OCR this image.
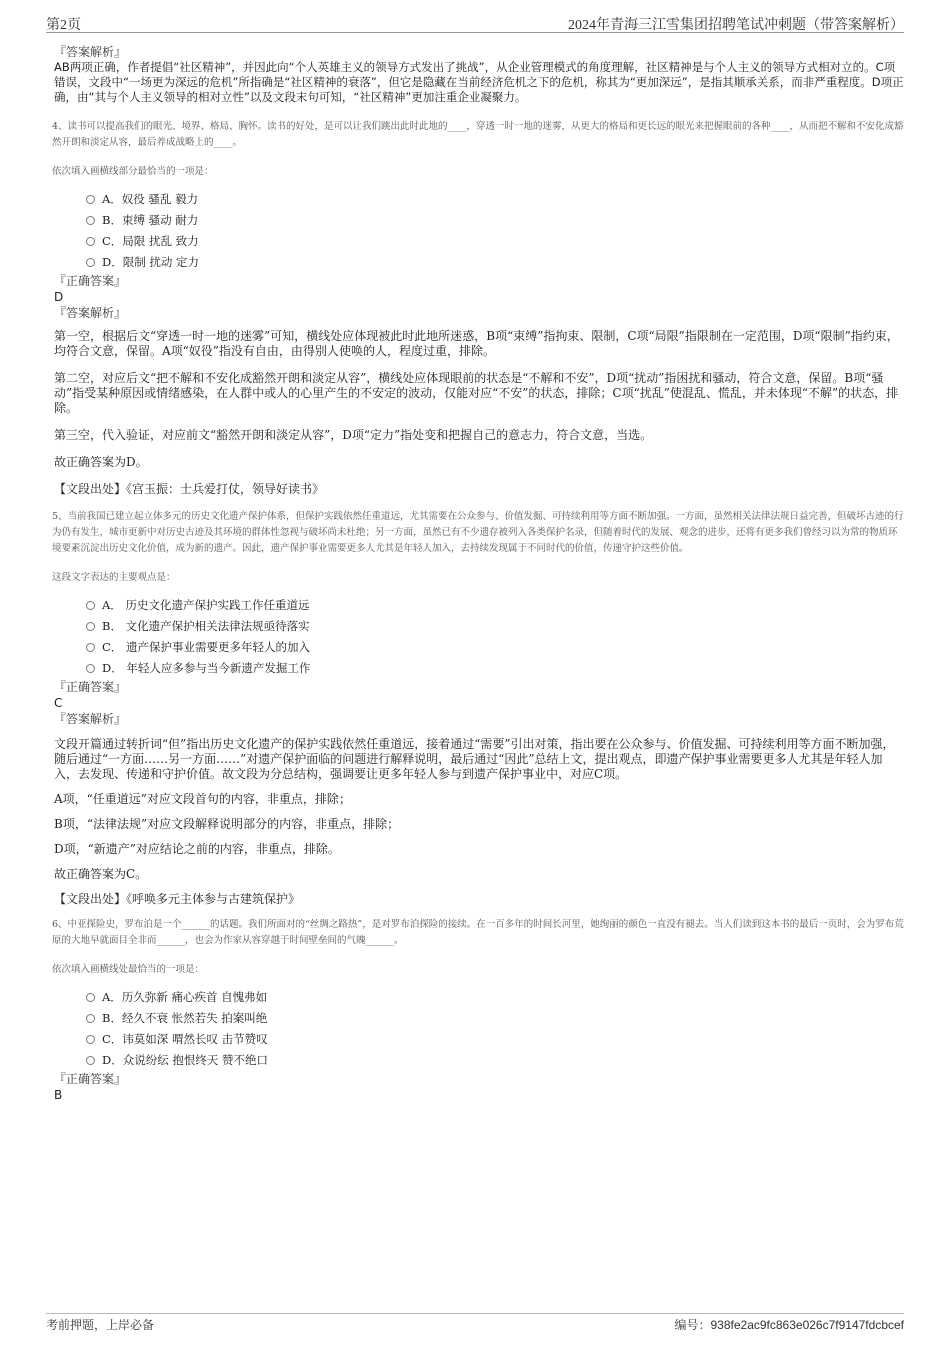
第2页	2024年青海三江雪集团招聘笔试冲刺题（带答案解析）
『答案解析』

AB两项正确，作者提倡“社区精神”，并因此向“个人英雄主义的领导方式发出了挑战”，从企业管理模式的角度理解，社区精神是与个人主义的领导方式相对立的。C项错误，文段中“一场更为深远的危机”所指确是“社区精神的衰落”，但它是隐藏在当前经济危机之下的危机，称其为“更加深远”，是指其顺承关系，而非严重程度。D项正确，由“其与个人主义领导的相对立性”以及文段末句可知，“社区精神”更加注重企业凝聚力。

4、读书可以提高我们的眼光、境界、格局、胸怀。读书的好处，是可以让我们跳出此时此地的____，穿透一时一地的迷雾，从更大的格局和更长远的眼光来把握眼前的各种____，从而把不解和不安化成豁然开朗和淡定从容，最后养成战略上的____。

依次填入画横线部分最恰当的一项是：
A．奴役 骚乱 毅力
B．束缚 骚动 耐力
C．局限 扰乱 致力
D．限制 扰动 定力
『正确答案』
D
『答案解析』

第一空，根据后文“穿透一时一地的迷雾”可知，横线处应体现被此时此地所迷惑，B项“束缚”指拘束、限制，C项“局限”指限制在一定范围，D项“限制”指约束，均符合文意，保留。A项“奴役”指没有自由，由得别人使唤的人，程度过重，排除。

第二空，对应后文“把不解和不安化成豁然开朗和淡定从容”，横线处应体现眼前的状态是“不解和不安”，D项“扰动”指困扰和骚动，符合文意，保留。B项“骚动”指受某种原因或情绪感染，在人群中或人的心里产生的不安定的波动，仅能对应“不安”的状态，排除；C项“扰乱”使混乱、慌乱，并未体现“不解”的状态，排除。

第三空，代入验证，对应前文“豁然开朗和淡定从容”，D项“定力”指处变和把握自己的意志力，符合文意，当选。

故正确答案为D。

【文段出处】《宫玉振：士兵爱打仗，领导好读书》

5、当前我国已建立起立体多元的历史文化遗产保护体系，但保护实践依然任重道远，尤其需要在公众参与、价值发掘、可持续利用等方面不断加强。一方面，虽然相关法律法规日益完善，但破坏古迹的行为仍有发生，城市更新中对历史古迹及其环境的群体性忽视与破坏尚未杜绝；另一方面，虽然已有不少遗存被列入各类保护名录，但随着时代的发展、观念的进步，还将有更多我们曾经习以为常的物质环境要素沉淀出历史文化价值，成为新的遗产。因此，遗产保护事业需要更多人尤其是年轻人加入，去持续发现属于不同时代的价值，传递守护这些价值。

这段文字表达的主要观点是：
A． 历史文化遗产保护实践工作任重道远
B． 文化遗产保护相关法律法规亟待落实
C． 遗产保护事业需要更多年轻人的加入
D． 年轻人应多参与当今新遗产发掘工作
『正确答案』
C
『答案解析』

文段开篇通过转折词“但”指出历史文化遗产的保护实践依然任重道远，接着通过“需要”引出对策，指出要在公众参与、价值发掘、可持续利用等方面不断加强，随后通过“一方面……另一方面……”对遗产保护面临的问题进行解释说明，最后通过“因此”总结上文，提出观点，即遗产保护事业需要更多人尤其是年轻人加入，去发现、传递和守护价值。故文段为分总结构，强调要让更多年轻人参与到遗产保护事业中，对应C项。

A项，“任重道远”对应文段首句的内容，非重点，排除；

B项，“法律法规”对应文段解释说明部分的内容，非重点，排除；

D项，“新遗产”对应结论之前的内容，非重点，排除。

故正确答案为C。

【文段出处】《呼唤多元主体参与古建筑保护》

6、中亚探险史，罗布泊是一个______的话题。我们所面对的“丝绸之路热”，是对罗布泊探险的接续。在一百多年的时间长河里，她绚丽的颜色一直没有褪去。当人们读到这本书的最后一页时，会为罗布荒原的大地早就面目全非而______，也会为作家从容穿越于时间壁垒间的气魄______。

依次填入画横线处最恰当的一项是：
A．历久弥新 痛心疾首 自愧弗如
B．经久不衰 怅然若失 拍案叫绝
C．讳莫如深 喟然长叹 击节赞叹
D．众说纷纭 抱恨终天 赞不绝口
『正确答案』
B
考前押题，上岸必备	编号：938fe2ac9fc863e026c7f9147fdcbcef
